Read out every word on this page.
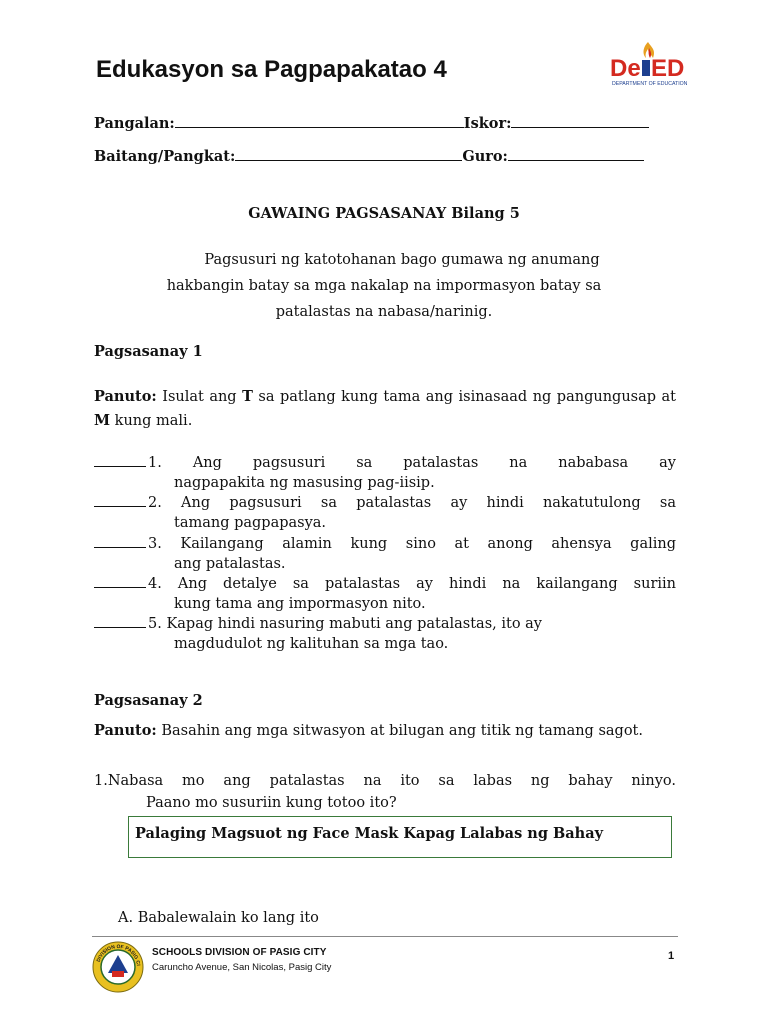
Edukasyon sa Pagpapakatao 4	De ED
DEPARTMENT OF EDUCATION
Pangalan:	Iskor:
Baitang/Pangkat:	Guro:
GAWAING PAGSASANAY Bilang 5
Pagsusuri ng katotohanan bago gumawa ng anumang
hakbangin batay sa mga nakalap na impormasyon batay sa
patalastas na nabasa/narinig.
Pagsasanay 1
Panuto: Isulat ang T sa patlang kung tama ang isinasaad ng pangungusap at M kung mali.
1. Ang pagsusuri sa patalastas na nababasa ay
nagpapakita ng masusing pag-iisip.
2. Ang pagsusuri sa patalastas ay hindi nakatutulong sa
tamang pagpapasya.
3. Kailangang alamin kung sino at anong ahensya galing
ang patalastas.
4. Ang detalye sa patalastas ay hindi na kailangang suriin
kung tama ang impormasyon nito.
5. Kapag hindi nasuring mabuti ang patalastas, ito ay
magdudulot ng kalituhan sa mga tao.
Pagsasanay 2
Panuto: Basahin ang mga sitwasyon at bilugan ang titik ng tamang sagot.
1.Nabasa mo ang patalastas na ito sa labas ng bahay ninyo.
Paano mo susuriin kung totoo ito?
Palaging Magsuot ng Face Mask Kapag Lalabas ng Bahay
A. Babalewalain ko lang ito
DIVISION OF PASIG CI
SCHOOLS DIVISION OF PASIG CITY
Caruncho Avenue, San Nicolas, Pasig City
1
